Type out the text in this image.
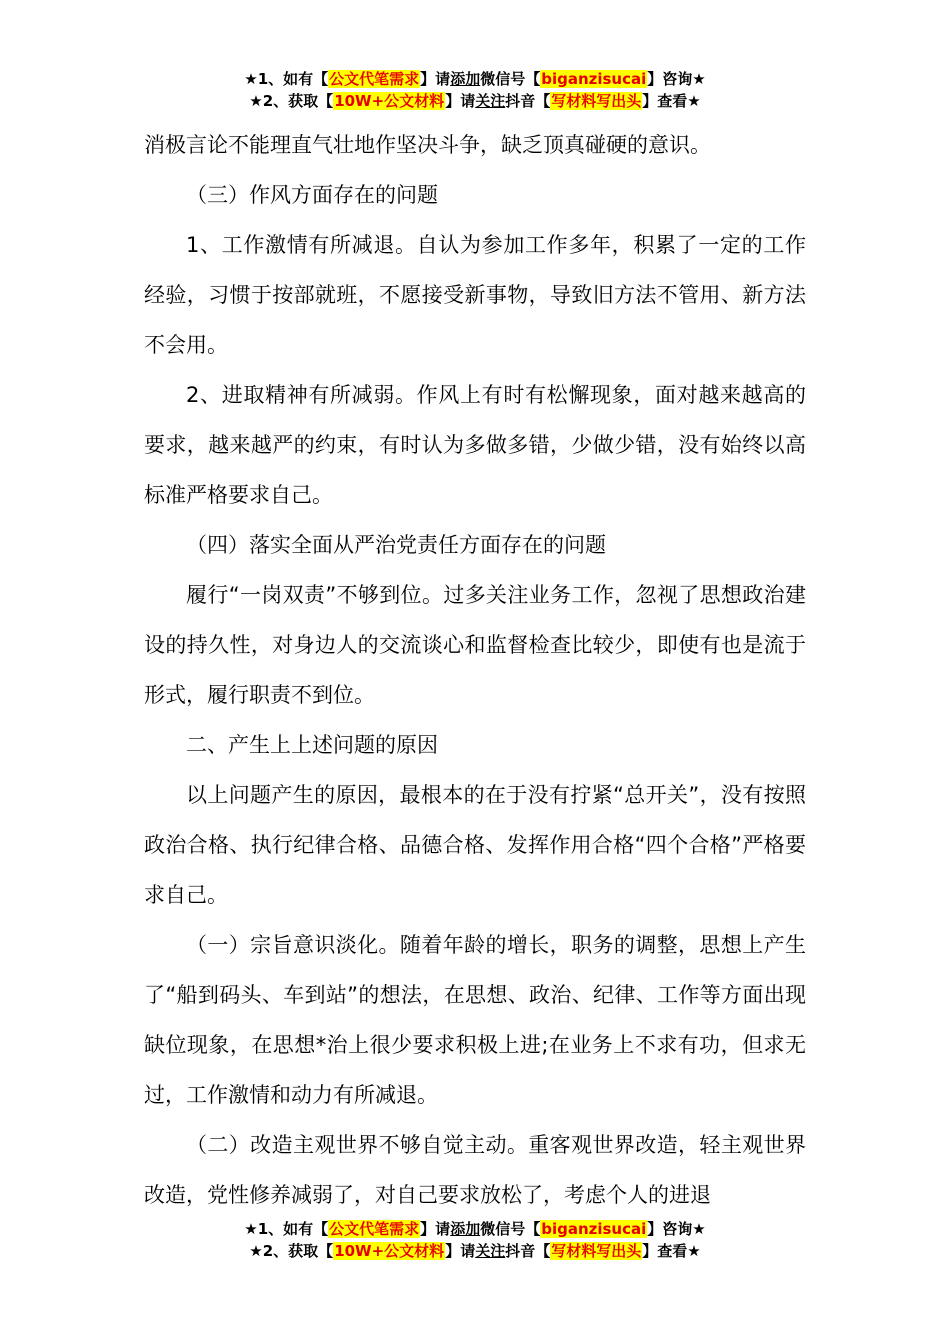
★1、如有【公文代笔需求】请添加微信号【biganzisucai】咨询★
★2、获取【10W+公文材料】请关注抖音【写材料写出头】查看★

消极言论不能理直气壮地作坚决斗争，缺乏顶真碰硬的意识。

（三）作风方面存在的问题

1、工作激情有所减退。自认为参加工作多年，积累了一定的工作经验，习惯于按部就班，不愿接受新事物，导致旧方法不管用、新方法不会用。

2、进取精神有所减弱。作风上有时有松懈现象，面对越来越高的要求，越来越严的约束，有时认为多做多错，少做少错，没有始终以高标准严格要求自己。

（四）落实全面从严治党责任方面存在的问题

履行“一岗双责”不够到位。过多关注业务工作，忽视了思想政治建设的持久性，对身边人的交流谈心和监督检查比较少，即使有也是流于形式，履行职责不到位。

二、产生上上述问题的原因

以上问题产生的原因，最根本的在于没有拧紧“总开关”，没有按照政治合格、执行纪律合格、品德合格、发挥作用合格“四个合格”严格要求自己。

（一）宗旨意识淡化。随着年龄的增长，职务的调整，思想上产生了“船到码头、车到站”的想法，在思想、政治、纪律、工作等方面出现缺位现象，在思想*治上很少要求积极上进;在业务上不求有功，但求无过，工作激情和动力有所减退。

（二）改造主观世界不够自觉主动。重客观世界改造，轻主观世界改造，党性修养减弱了，对自己要求放松了，考虑个人的进退

★1、如有【公文代笔需求】请添加微信号【biganzisucai】咨询★
★2、获取【10W+公文材料】请关注抖音【写材料写出头】查看★
